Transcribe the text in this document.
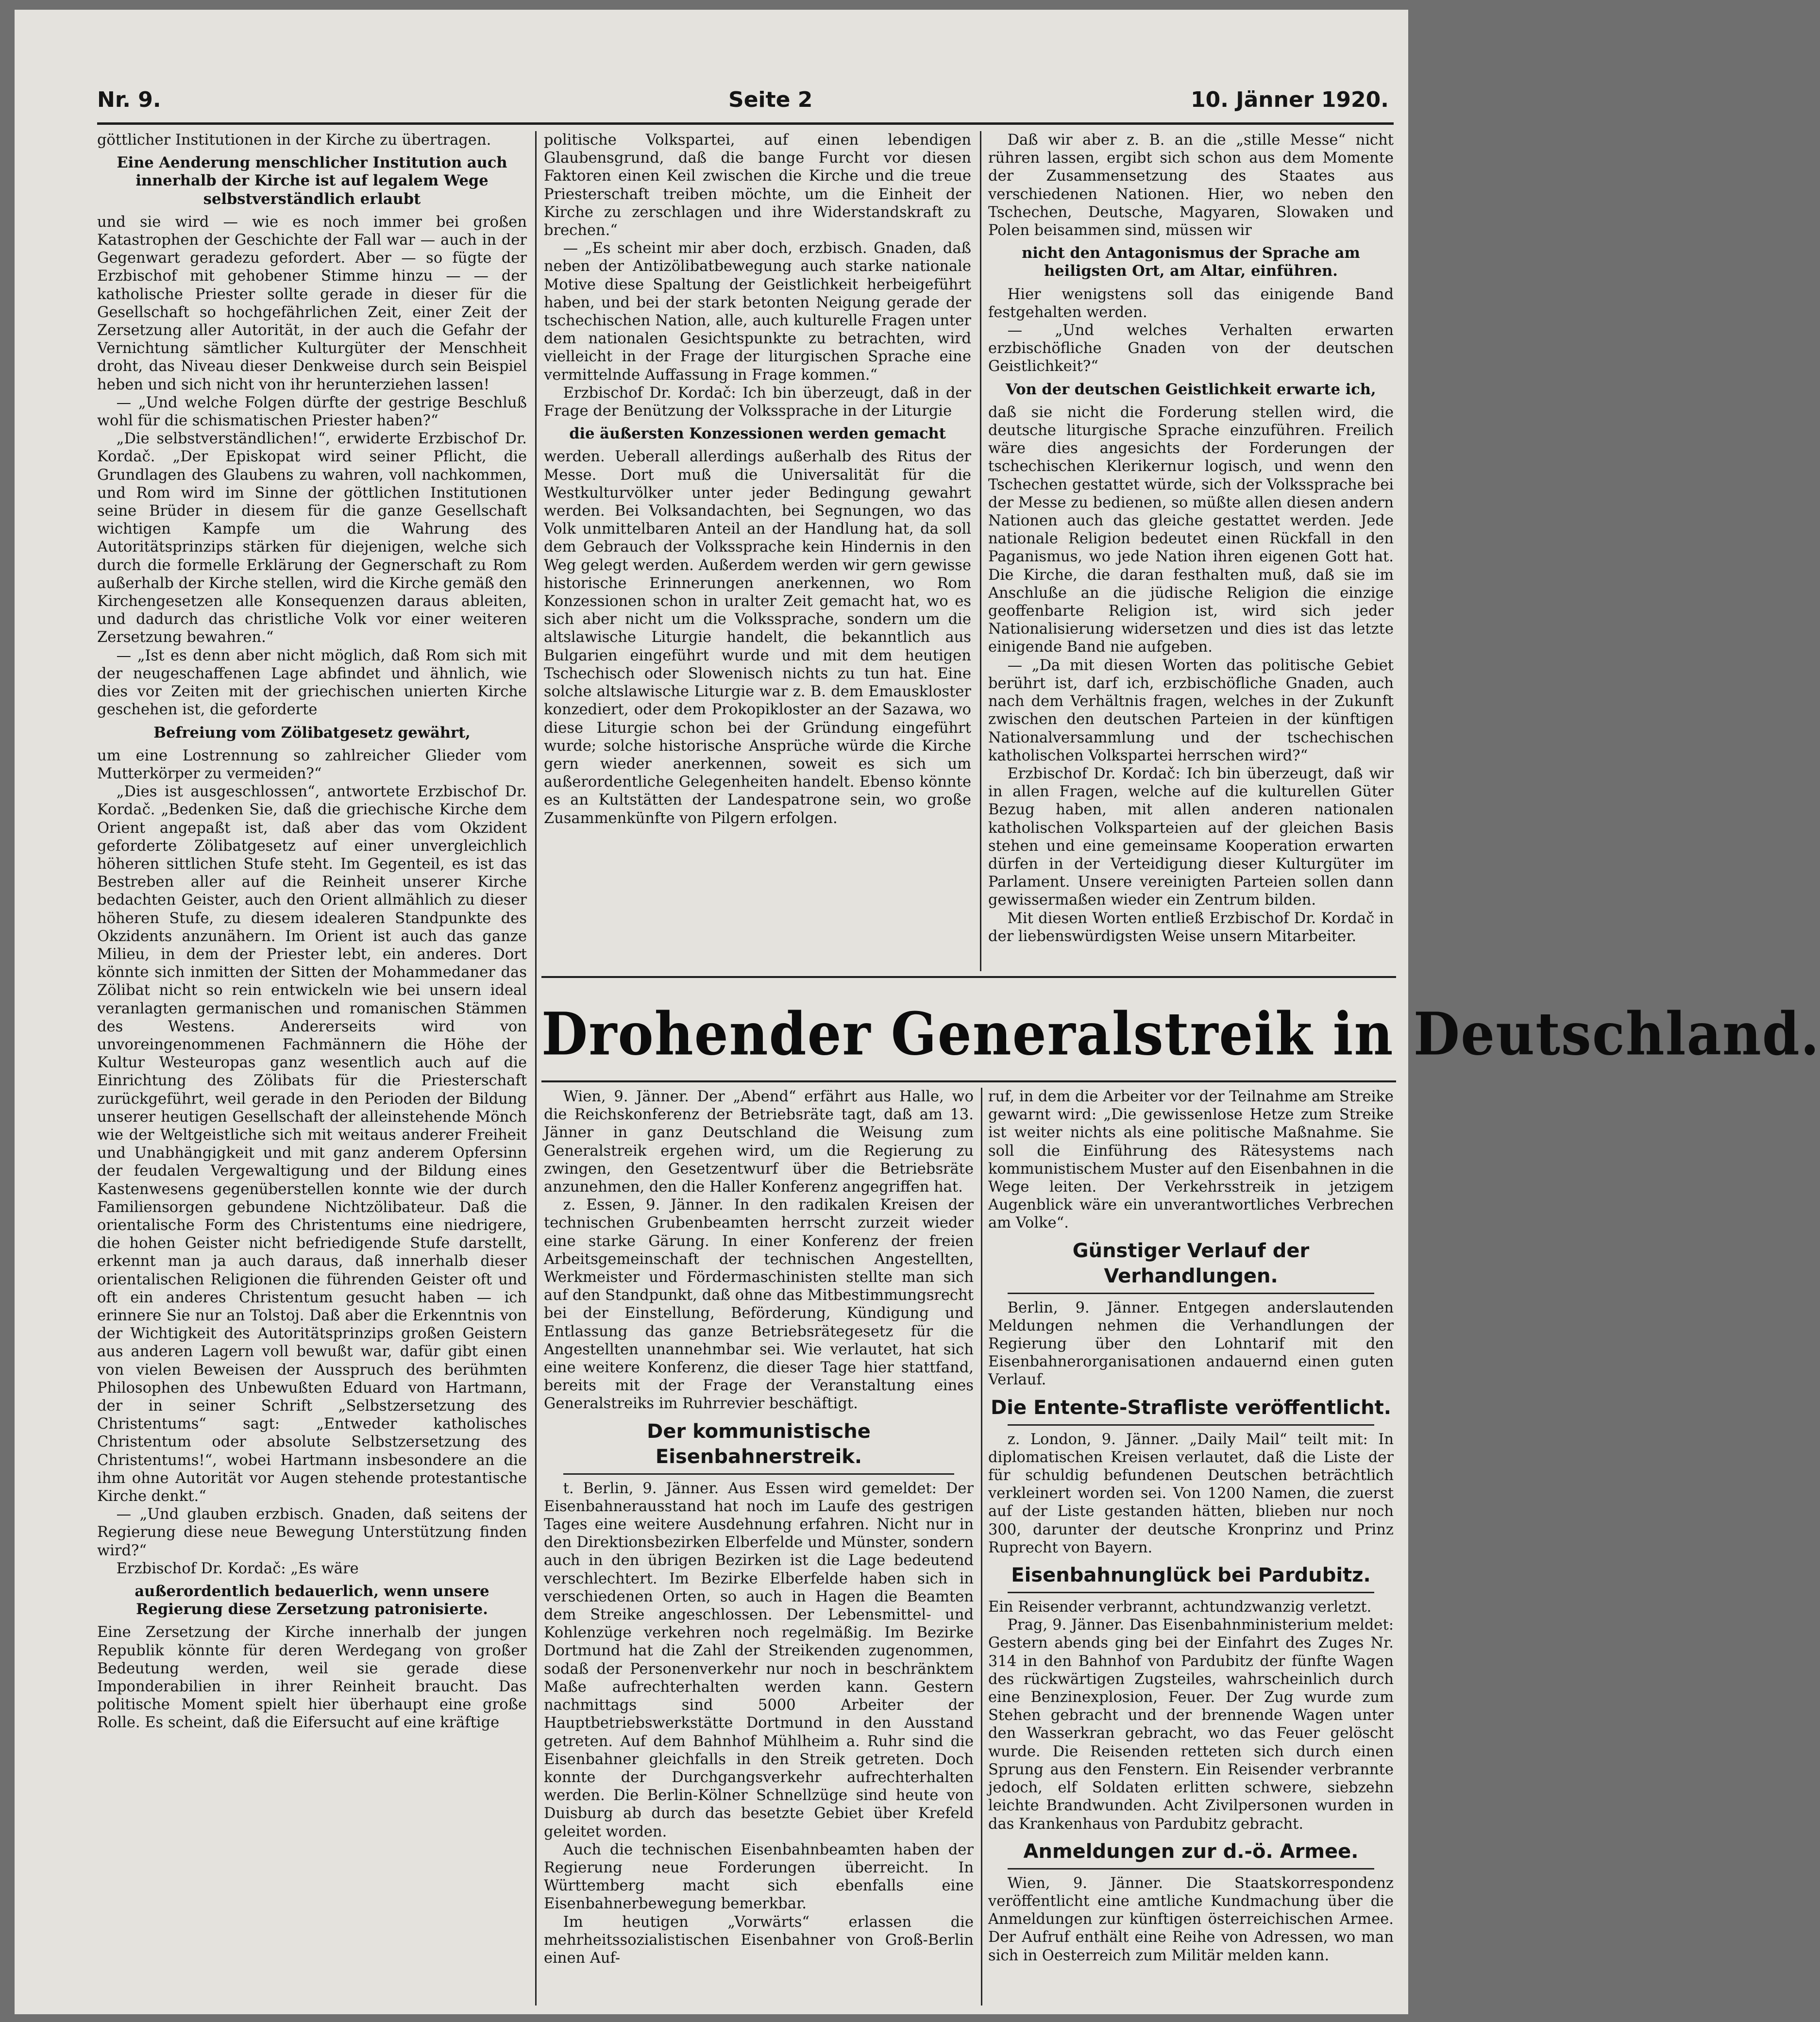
Nr. 9.	Seite 2	10. Jänner 1920.

göttlicher Institutionen in der Kirche zu übertragen.

Eine Aenderung menschlicher Institution auch innerhalb der Kirche ist auf legalem Wege selbstverständlich erlaubt

und sie wird — wie es noch immer bei großen Katastrophen der Geschichte der Fall war — auch in der Gegenwart geradezu gefordert. Aber — so fügte der Erzbischof mit gehobener Stimme hinzu — — der katholische Priester sollte gerade in dieser für die Gesellschaft so hochgefährlichen Zeit, einer Zeit der Zersetzung aller Autorität, in der auch die Gefahr der Vernichtung sämtlicher Kulturgüter der Menschheit droht, das Niveau dieser Denkweise durch sein Beispiel heben und sich nicht von ihr herunterziehen lassen!

— „Und welche Folgen dürfte der gestrige Beschluß wohl für die schismatischen Priester haben?“

„Die selbstverständlichen!“, erwiderte Erzbischof Dr. Kordač. „Der Episkopat wird seiner Pflicht, die Grundlagen des Glaubens zu wahren, voll nachkommen, und Rom wird im Sinne der göttlichen Institutionen seine Brüder in diesem für die ganze Gesellschaft wichtigen Kampfe um die Wahrung des Autoritätsprinzips stärken für diejenigen, welche sich durch die formelle Erklärung der Gegnerschaft zu Rom außerhalb der Kirche stellen, wird die Kirche gemäß den Kirchengesetzen alle Konsequenzen daraus ableiten, und dadurch das christliche Volk vor einer weiteren Zersetzung bewahren.“

— „Ist es denn aber nicht möglich, daß Rom sich mit der neugeschaffenen Lage abfindet und ähnlich, wie dies vor Zeiten mit der griechischen unierten Kirche geschehen ist, die geforderte

Befreiung vom Zölibatgesetz gewährt,

um eine Lostrennung so zahlreicher Glieder vom Mutterkörper zu vermeiden?“

„Dies ist ausgeschlossen“, antwortete Erzbischof Dr. Kordač. „Bedenken Sie, daß die griechische Kirche dem Orient angepaßt ist, daß aber das vom Okzident geforderte Zölibatgesetz auf einer unvergleichlich höheren sittlichen Stufe steht. Im Gegenteil, es ist das Bestreben aller auf die Reinheit unserer Kirche bedachten Geister, auch den Orient allmählich zu dieser höheren Stufe, zu diesem idealeren Standpunkte des Okzidents anzunähern. Im Orient ist auch das ganze Milieu, in dem der Priester lebt, ein anderes. Dort könnte sich inmitten der Sitten der Mohammedaner das Zölibat nicht so rein entwickeln wie bei unsern ideal veranlagten germanischen und romanischen Stämmen des Westens. Andererseits wird von unvoreingenommenen Fachmännern die Höhe der Kultur Westeuropas ganz wesentlich auch auf die Einrichtung des Zölibats für die Priesterschaft zurückgeführt, weil gerade in den Perioden der Bildung unserer heutigen Gesellschaft der alleinstehende Mönch wie der Weltgeistliche sich mit weitaus anderer Freiheit und Unabhängigkeit und mit ganz anderem Opfersinn der feudalen Vergewaltigung und der Bildung eines Kastenwesens gegenüberstellen konnte wie der durch Familiensorgen gebundene Nichtzölibateur. Daß die orientalische Form des Christentums eine niedrigere, die hohen Geister nicht befriedigende Stufe darstellt, erkennt man ja auch daraus, daß innerhalb dieser orientalischen Religionen die führenden Geister oft und oft ein anderes Christentum gesucht haben — ich erinnere Sie nur an Tolstoj. Daß aber die Erkenntnis von der Wichtigkeit des Autoritätsprinzips großen Geistern aus anderen Lagern voll bewußt war, dafür gibt einen von vielen Beweisen der Ausspruch des berühmten Philosophen des Unbewußten Eduard von Hartmann, der in seiner Schrift „Selbstzersetzung des Christentums“ sagt: „Entweder katholisches Christentum oder absolute Selbstzersetzung des Christentums!“, wobei Hartmann insbesondere an die ihm ohne Autorität vor Augen stehende protestantische Kirche denkt.“

— „Und glauben erzbisch. Gnaden, daß seitens der Regierung diese neue Bewegung Unterstützung finden wird?“

Erzbischof Dr. Kordač: „Es wäre

außerordentlich bedauerlich, wenn unsere Regierung diese Zersetzung patronisierte.

Eine Zersetzung der Kirche innerhalb der jungen Republik könnte für deren Werdegang von großer Bedeutung werden, weil sie gerade diese Imponderabilien in ihrer Reinheit braucht. Das politische Moment spielt hier überhaupt eine große Rolle. Es scheint, daß die Eifersucht auf eine kräftige

politische Volkspartei, auf einen lebendigen Glaubensgrund, daß die bange Furcht vor diesen Faktoren einen Keil zwischen die Kirche und die treue Priesterschaft treiben möchte, um die Einheit der Kirche zu zerschlagen und ihre Widerstandskraft zu brechen.“

— „Es scheint mir aber doch, erzbisch. Gnaden, daß neben der Antizölibatbewegung auch starke nationale Motive diese Spaltung der Geistlichkeit herbeigeführt haben, und bei der stark betonten Neigung gerade der tschechischen Nation, alle, auch kulturelle Fragen unter dem nationalen Gesichtspunkte zu betrachten, wird vielleicht in der Frage der liturgischen Sprache eine vermittelnde Auffassung in Frage kommen.“

Erzbischof Dr. Kordač: Ich bin überzeugt, daß in der Frage der Benützung der Volkssprache in der Liturgie

die äußersten Konzessionen werden gemacht

werden. Ueberall allerdings außerhalb des Ritus der Messe. Dort muß die Universalität für die Westkulturvölker unter jeder Bedingung gewahrt werden. Bei Volksandachten, bei Segnungen, wo das Volk unmittelbaren Anteil an der Handlung hat, da soll dem Gebrauch der Volkssprache kein Hindernis in den Weg gelegt werden. Außerdem werden wir gern gewisse historische Erinnerungen anerkennen, wo Rom Konzessionen schon in uralter Zeit gemacht hat, wo es sich aber nicht um die Volkssprache, sondern um die altslawische Liturgie handelt, die bekanntlich aus Bulgarien eingeführt wurde und mit dem heutigen Tschechisch oder Slowenisch nichts zu tun hat. Eine solche altslawische Liturgie war z. B. dem Emauskloster konzediert, oder dem Prokopikloster an der Sazawa, wo diese Liturgie schon bei der Gründung eingeführt wurde; solche historische Ansprüche würde die Kirche gern wieder anerkennen, soweit es sich um außerordentliche Gelegenheiten handelt. Ebenso könnte es an Kultstätten der Landespatrone sein, wo große Zusammenkünfte von Pilgern erfolgen.

Daß wir aber z. B. an die „stille Messe“ nicht rühren lassen, ergibt sich schon aus dem Momente der Zusammensetzung des Staates aus verschiedenen Nationen. Hier, wo neben den Tschechen, Deutsche, Magyaren, Slowaken und Polen beisammen sind, müssen wir

nicht den Antagonismus der Sprache am heiligsten Ort, am Altar, einführen.

Hier wenigstens soll das einigende Band festgehalten werden.

— „Und welches Verhalten erwarten erzbischöfliche Gnaden von der deutschen Geistlichkeit?“

Von der deutschen Geistlichkeit erwarte ich,

daß sie nicht die Forderung stellen wird, die deutsche liturgische Sprache einzuführen. Freilich wäre dies angesichts der Forderungen der tschechischen Klerikernur logisch, und wenn den Tschechen gestattet würde, sich der Volkssprache bei der Messe zu bedienen, so müßte allen diesen andern Nationen auch das gleiche gestattet werden. Jede nationale Religion bedeutet einen Rückfall in den Paganismus, wo jede Nation ihren eigenen Gott hat. Die Kirche, die daran festhalten muß, daß sie im Anschluße an die jüdische Religion die einzige geoffenbarte Religion ist, wird sich jeder Nationalisierung widersetzen und dies ist das letzte einigende Band nie aufgeben.

— „Da mit diesen Worten das politische Gebiet berührt ist, darf ich, erzbischöfliche Gnaden, auch nach dem Verhältnis fragen, welches in der Zukunft zwischen den deutschen Parteien in der künftigen Nationalversammlung und der tschechischen katholischen Volkspartei herrschen wird?“

Erzbischof Dr. Kordač: Ich bin überzeugt, daß wir in allen Fragen, welche auf die kulturellen Güter Bezug haben, mit allen anderen nationalen katholischen Volksparteien auf der gleichen Basis stehen und eine gemeinsame Kooperation erwarten dürfen in der Verteidigung dieser Kulturgüter im Parlament. Unsere vereinigten Parteien sollen dann gewissermaßen wieder ein Zentrum bilden.

Mit diesen Worten entließ Erzbischof Dr. Kordač in der liebenswürdigsten Weise unsern Mitarbeiter.

Drohender Generalstreik in Deutschland.

Wien, 9. Jänner. Der „Abend“ erfährt aus Halle, wo die Reichskonferenz der Betriebsräte tagt, daß am 13. Jänner in ganz Deutschland die Weisung zum Generalstreik ergehen wird, um die Regierung zu zwingen, den Gesetzentwurf über die Betriebsräte anzunehmen, den die Haller Konferenz angegriffen hat.

z. Essen, 9. Jänner. In den radikalen Kreisen der technischen Grubenbeamten herrscht zurzeit wieder eine starke Gärung. In einer Konferenz der freien Arbeitsgemeinschaft der technischen Angestellten, Werkmeister und Fördermaschinisten stellte man sich auf den Standpunkt, daß ohne das Mitbestimmungsrecht bei der Einstellung, Beförderung, Kündigung und Entlassung das ganze Betriebsrätegesetz für die Angestellten unannehmbar sei. Wie verlautet, hat sich eine weitere Konferenz, die dieser Tage hier stattfand, bereits mit der Frage der Veranstaltung eines Generalstreiks im Ruhrrevier beschäftigt.

Der kommunistische Eisenbahnerstreik.

t. Berlin, 9. Jänner. Aus Essen wird gemeldet: Der Eisenbahnerausstand hat noch im Laufe des gestrigen Tages eine weitere Ausdehnung erfahren. Nicht nur in den Direktionsbezirken Elberfelde und Münster, sondern auch in den übrigen Bezirken ist die Lage bedeutend verschlechtert. Im Bezirke Elberfelde haben sich in verschiedenen Orten, so auch in Hagen die Beamten dem Streike angeschlossen. Der Lebensmittel- und Kohlenzüge verkehren noch regelmäßig. Im Bezirke Dortmund hat die Zahl der Streikenden zugenommen, sodaß der Personenverkehr nur noch in beschränktem Maße aufrechterhalten werden kann. Gestern nachmittags sind 5000 Arbeiter der Hauptbetriebswerkstätte Dortmund in den Ausstand getreten. Auf dem Bahnhof Mühlheim a. Ruhr sind die Eisenbahner gleichfalls in den Streik getreten. Doch konnte der Durchgangsverkehr aufrechterhalten werden. Die Berlin-Kölner Schnellzüge sind heute von Duisburg ab durch das besetzte Gebiet über Krefeld geleitet worden.

Auch die technischen Eisenbahnbeamten haben der Regierung neue Forderungen überreicht. In Württemberg macht sich ebenfalls eine Eisenbahnerbewegung bemerkbar.

Im heutigen „Vorwärts“ erlassen die mehrheitssozialistischen Eisenbahner von Groß-Berlin einen Auf-

ruf, in dem die Arbeiter vor der Teilnahme am Streike gewarnt wird: „Die gewissenlose Hetze zum Streike ist weiter nichts als eine politische Maßnahme. Sie soll die Einführung des Rätesystems nach kommunistischem Muster auf den Eisenbahnen in die Wege leiten. Der Verkehrsstreik in jetzigem Augenblick wäre ein unverantwortliches Verbrechen am Volke“.

Günstiger Verlauf der Verhandlungen.

Berlin, 9. Jänner. Entgegen anderslautenden Meldungen nehmen die Verhandlungen der Regierung über den Lohntarif mit den Eisenbahnerorganisationen andauernd einen guten Verlauf.

Die Entente-Strafliste veröffentlicht.

z. London, 9. Jänner. „Daily Mail“ teilt mit: In diplomatischen Kreisen verlautet, daß die Liste der für schuldig befundenen Deutschen beträchtlich verkleinert worden sei. Von 1200 Namen, die zuerst auf der Liste gestanden hätten, blieben nur noch 300, darunter der deutsche Kronprinz und Prinz Ruprecht von Bayern.

Eisenbahnunglück bei Pardubitz.

Ein Reisender verbrannt, achtundzwanzig verletzt.

Prag, 9. Jänner. Das Eisenbahnministerium meldet: Gestern abends ging bei der Einfahrt des Zuges Nr. 314 in den Bahnhof von Pardubitz der fünfte Wagen des rückwärtigen Zugsteiles, wahrscheinlich durch eine Benzinexplosion, Feuer. Der Zug wurde zum Stehen gebracht und der brennende Wagen unter den Wasserkran gebracht, wo das Feuer gelöscht wurde. Die Reisenden retteten sich durch einen Sprung aus den Fenstern. Ein Reisender verbrannte jedoch, elf Soldaten erlitten schwere, siebzehn leichte Brandwunden. Acht Zivilpersonen wurden in das Krankenhaus von Pardubitz gebracht.

Anmeldungen zur d.-ö. Armee.

Wien, 9. Jänner. Die Staatskorrespondenz veröffentlicht eine amtliche Kundmachung über die Anmeldungen zur künftigen österreichischen Armee. Der Aufruf enthält eine Reihe von Adressen, wo man sich in Oesterreich zum Militär melden kann.
